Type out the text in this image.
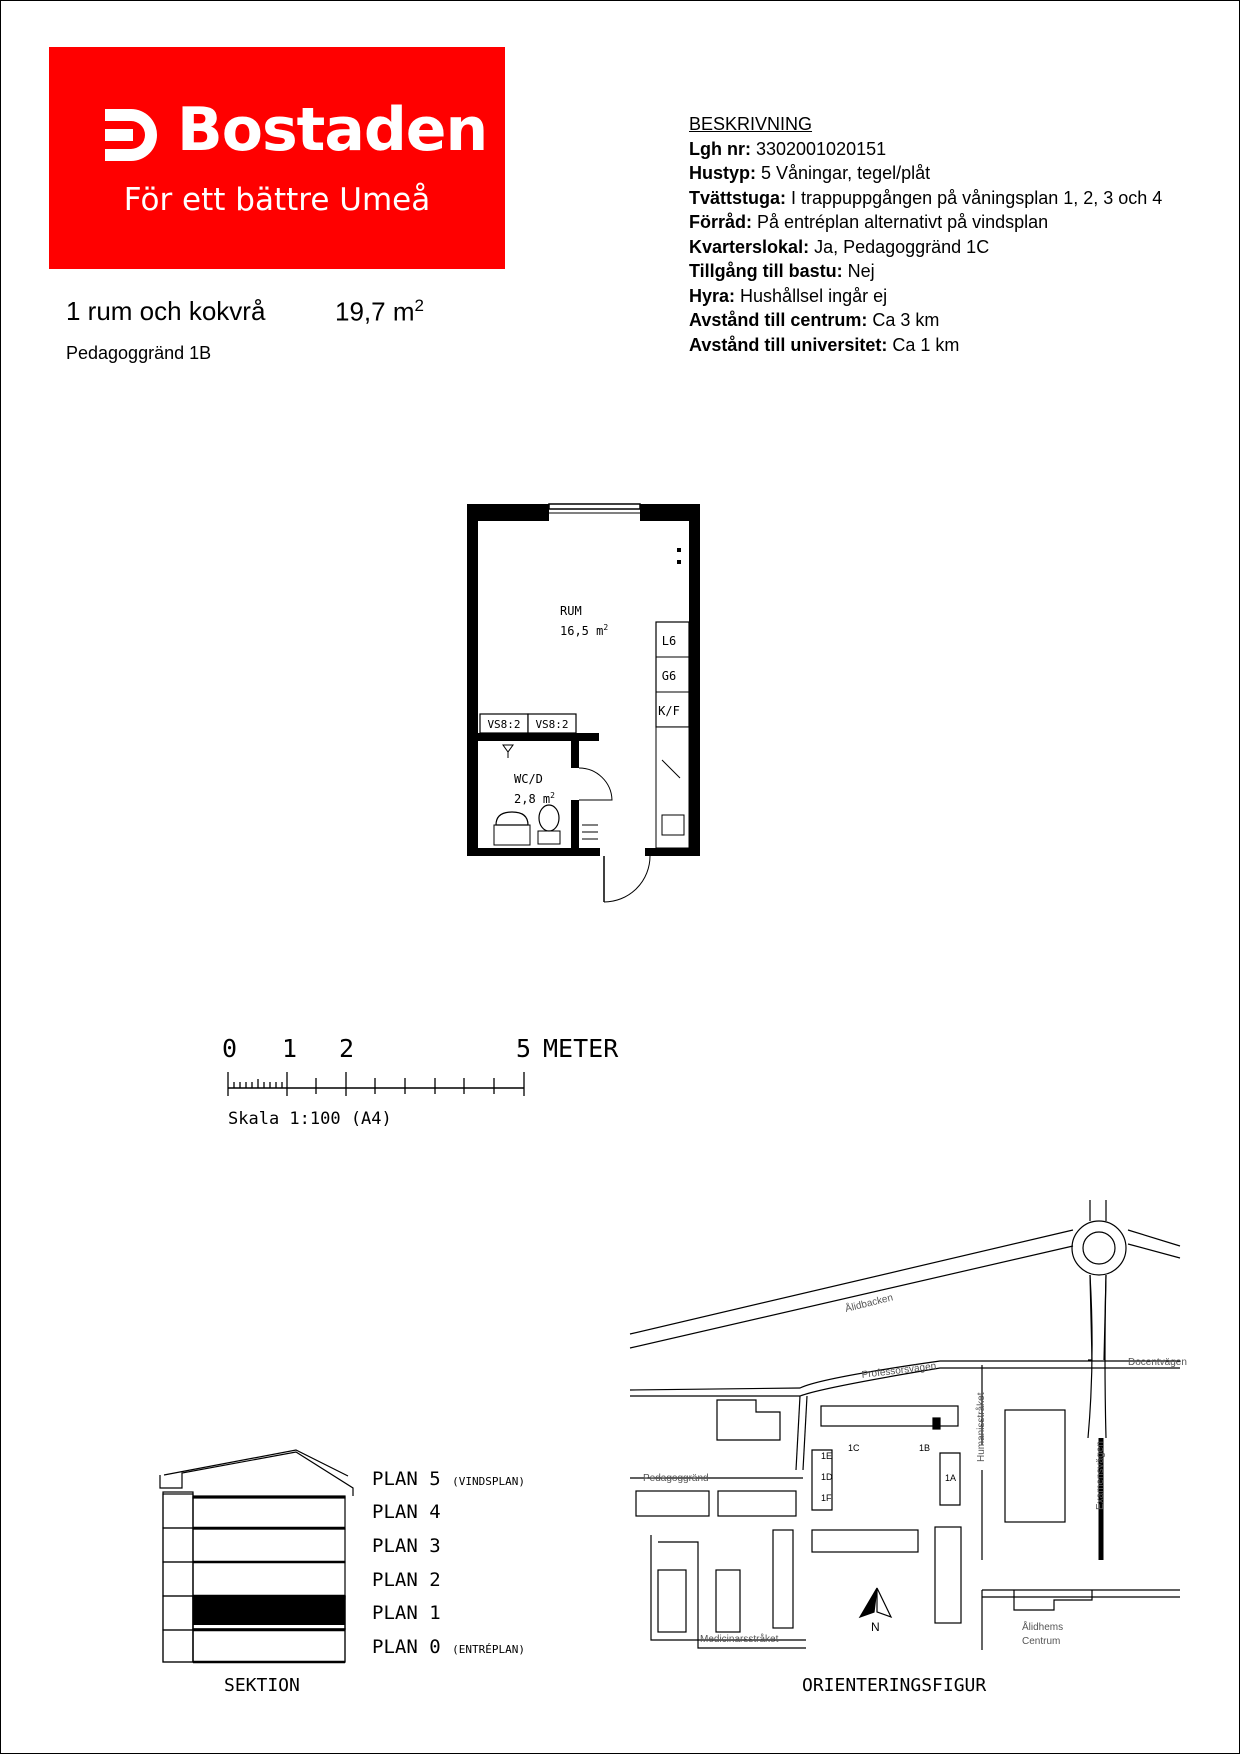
Bostaden
För ett bättre Umeå
1 rum och kokvrå	19,7 $m^2$
Pedagoggränd 1B
BESKRIVNING
Lgh nr: 3302001020151
Hustyp: 5 Våningar, tegel/plåt
Tvättstuga: I trappuppgången på våningsplan 1, 2, 3 och 4
Förråd: På entréplan alternativt på vindsplan
Kvarterslokal: Ja, Pedagoggränd 1C
Tillgång till bastu: Nej
Hyra: Hushållsel ingår ej
Avstånd till centrum: Ca 3 km
Avstånd till universitet: Ca 1 km
VS8:2 VS8:2
L6
G6
K/F
RUM
16,5 $m^2$
WC/D
2,8 $m^2$
0 1 2	5 METER
Skala 1:100 (A4)
Ålidbacken
Professorsvägen	Docentvägen
Pedagoggränd
Humanisstråket
Examensvägen
Medicinarsstråket
Ålidhems
Centrum
1C	1B
1E
1D
1F
1A
N
PLAN 5 (VINDSPLAN)
PLAN 4
PLAN 3
PLAN 2
PLAN 1
PLAN 0 (ENTRÉPLAN)
SEKTION	ORIENTERINGSFIGUR
